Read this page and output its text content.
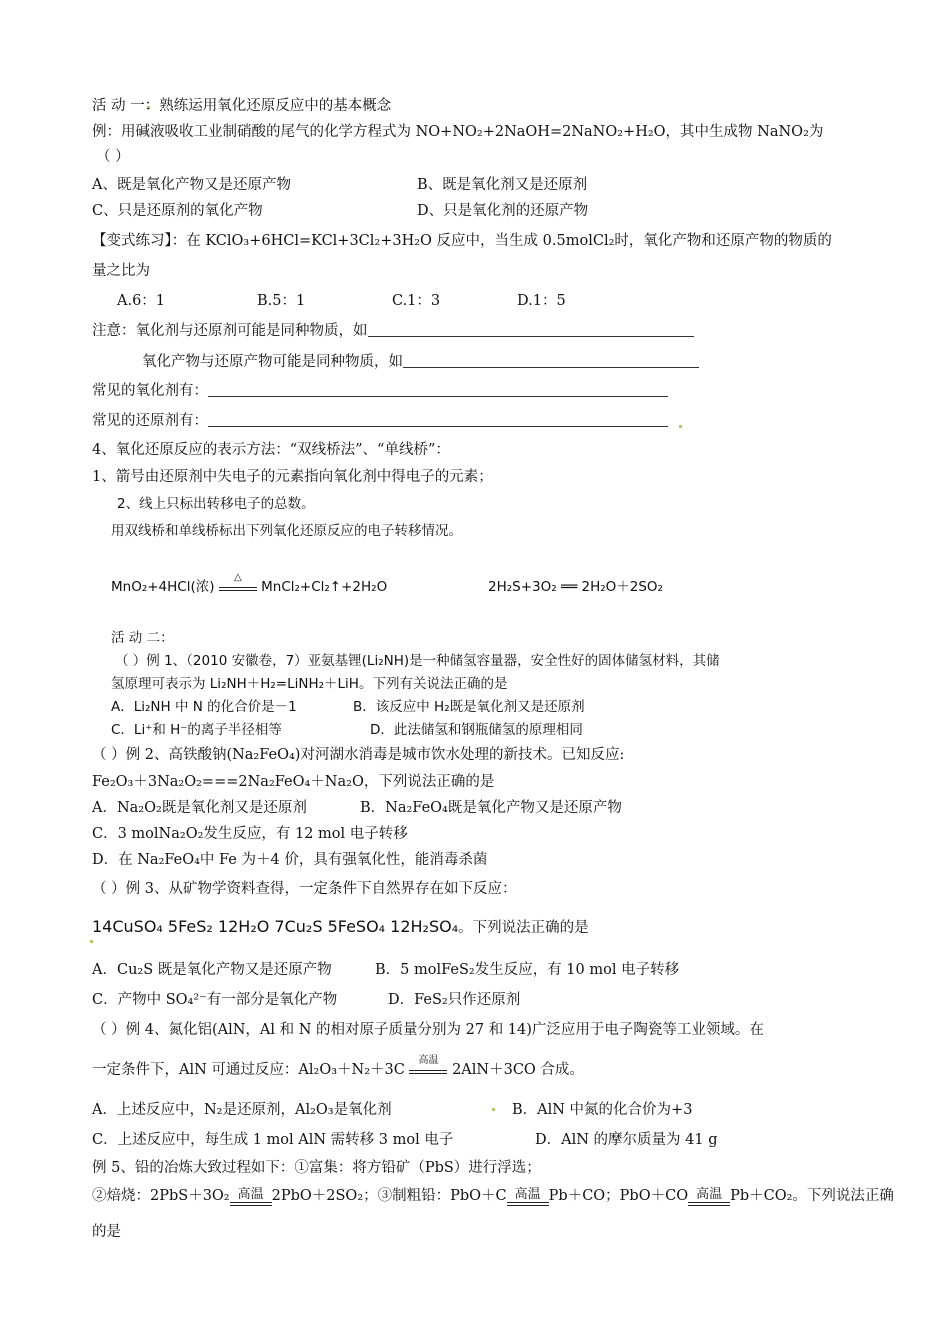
活 动 一：熟练运用氧化还原反应中的基本概念
例：用碱液吸收工业制硝酸的尾气的化学方程式为 NO+NO₂+2NaOH=2NaNO₂+H₂O，其中生成物 NaNO₂为
（ ）
A、既是氧化产物又是还原产物	B、既是氧化剂又是还原剂
C、只是还原剂的氧化产物	D、只是氧化剂的还原产物
【变式练习】：在 KClO₃+6HCl=KCl+3Cl₂+3H₂O 反应中，当生成 0.5molCl₂时，氧化产物和还原产物的物质的
量之比为
A.6：1	B.5：1	C.1：3	D.1：5
注意：氧化剂与还原剂可能是同种物质，如
氧化产物与还原产物可能是同种物质，如
常见的氧化剂有：
常见的还原剂有：
4、氧化还原反应的表示方法：“双线桥法”、“单线桥”：
1、箭号由还原剂中失电子的元素指向氧化剂中得电子的元素；
2、线上只标出转移电子的总数。
用双线桥和单线桥标出下列氧化还原反应的电子转移情况。
MnO₂+4HCl(浓)
△
MnCl₂+Cl₂↑+2H₂O	2H₂S+3O₂ ══ 2H₂O＋2SO₂
活 动 二：
（ ）例 1、（2010 安徽卷，7）亚氨基锂(Li₂NH)是一种储氢容量器，安全性好的固体储氢材料，其储
氢原理可表示为 Li₂NH＋H₂=LiNH₂＋LiH。下列有关说法正确的是
A．Li₂NH 中 N 的化合价是－1	B．该反应中 H₂既是氧化剂又是还原剂
C．Li⁺和 H⁻的离子半径相等	D．此法储氢和钢瓶储氢的原理相同
（ ）例 2、高铁酸钠(Na₂FeO₄)对河湖水消毒是城市饮水处理的新技术。已知反应:
Fe₂O₃＋3Na₂O₂===2Na₂FeO₄＋Na₂O，下列说法正确的是
A．Na₂O₂既是氧化剂又是还原剂	B．Na₂FeO₄既是氧化产物又是还原产物
C．3 molNa₂O₂发生反应，有 12 mol 电子转移
D．在 Na₂FeO₄中 Fe 为＋4 价，具有强氧化性，能消毒杀菌
（ ）例 3、从矿物学资料查得，一定条件下自然界存在如下反应：
14CuSO₄ 5FeS₂ 12H₂O 7Cu₂S 5FeSO₄ 12H₂SO₄。下列说法正确的是
A．Cu₂S 既是氧化产物又是还原产物	B．5 molFeS₂发生反应，有 10 mol 电子转移
C．产物中 SO₄²⁻有一部分是氧化产物	D．FeS₂只作还原剂
（ ）例 4、氮化铝(AlN，Al 和 N 的相对原子质量分别为 27 和 14)广泛应用于电子陶瓷等工业领域。在
一定条件下，AlN 可通过反应：Al₂O₃＋N₂＋3C
高温
2AlN＋3CO 合成。
A．上述反应中，N₂是还原剂，Al₂O₃是氧化剂	B．AlN 中氮的化合价为+3
C．上述反应中，每生成 1 mol AlN 需转移 3 mol 电子	D．AlN 的摩尔质量为 41 g
例 5、铅的冶炼大致过程如下：①富集：将方铅矿（PbS）进行浮选；
②焙烧：2PbS＋3O₂ 高温 2PbO＋2SO₂；③制粗铅：PbO＋C 高温 Pb＋CO；PbO＋CO 高温 Pb＋CO₂。下列说法正确
的是
